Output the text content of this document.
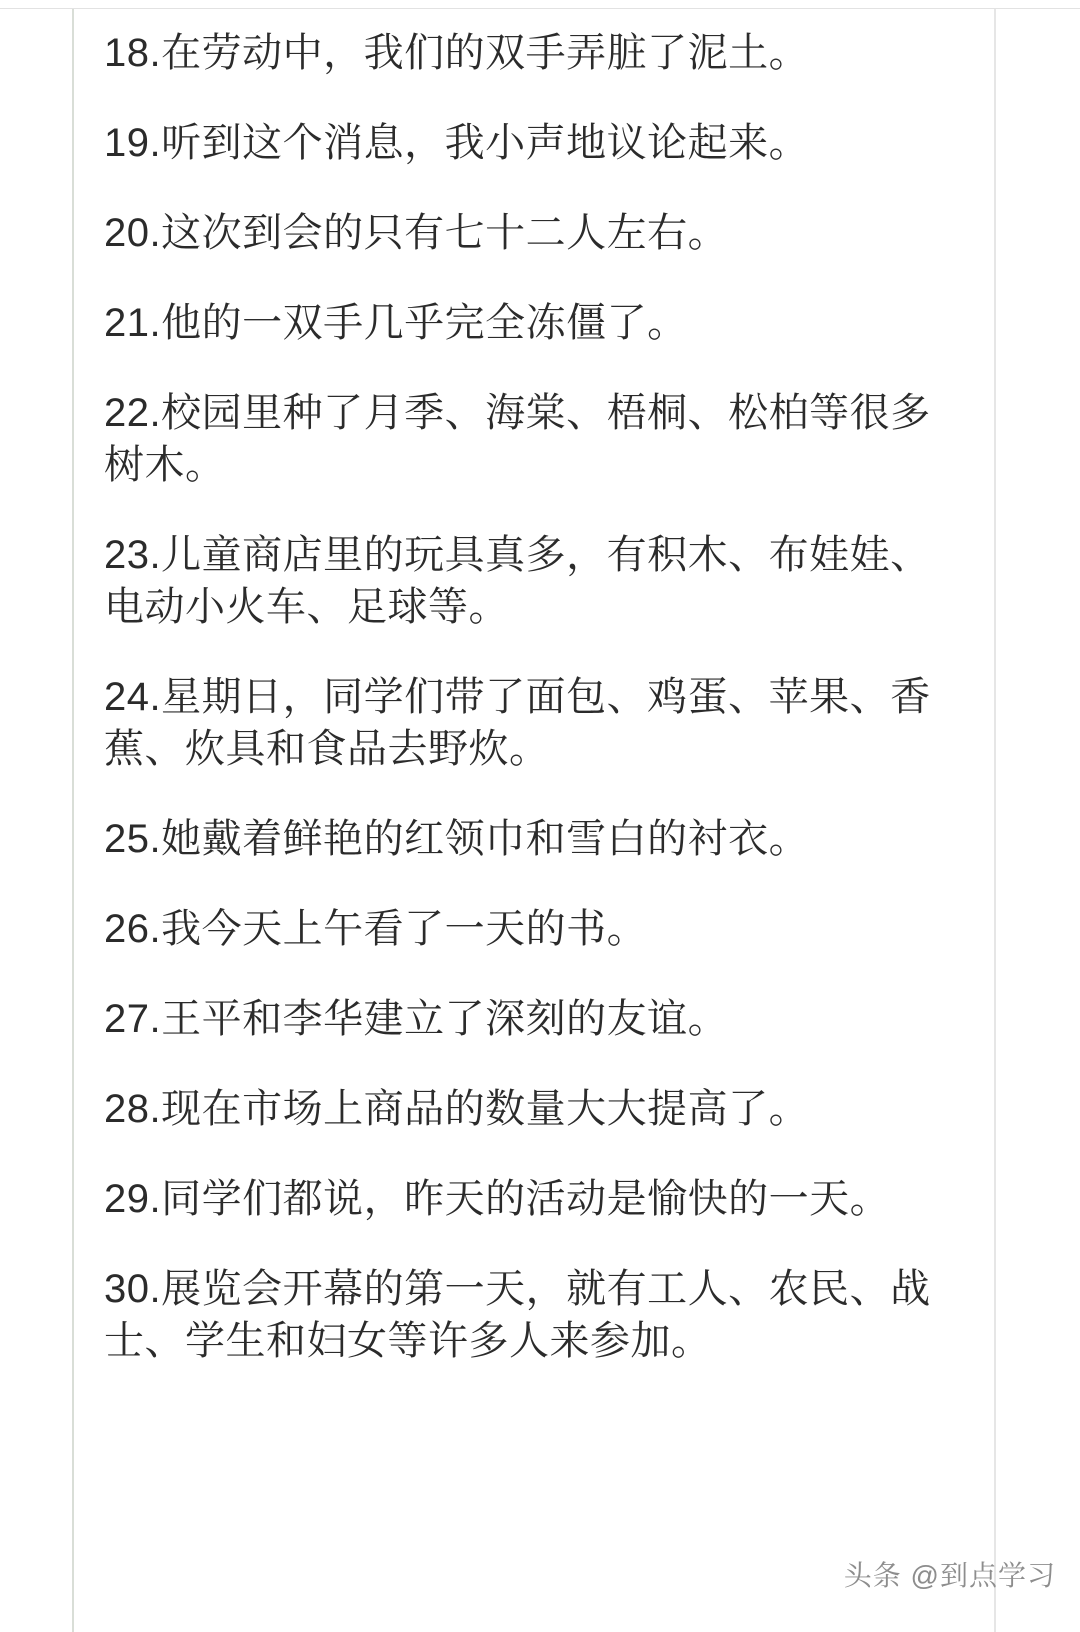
18.在劳动中，我们的双手弄脏了泥土。

19.听到这个消息，我小声地议论起来。

20.这次到会的只有七十二人左右。

21.他的一双手几乎完全冻僵了。

22.校园里种了月季、海棠、梧桐、松柏等很多树木。

23.儿童商店里的玩具真多，有积木、布娃娃、电动小火车、足球等。

24.星期日，同学们带了面包、鸡蛋、苹果、香蕉、炊具和食品去野炊。

25.她戴着鲜艳的红领巾和雪白的衬衣。

26.我今天上午看了一天的书。

27.王平和李华建立了深刻的友谊。

28.现在市场上商品的数量大大提高了。

29.同学们都说，昨天的活动是愉快的一天。

30.展览会开幕的第一天，就有工人、农民、战士、学生和妇女等许多人来参加。

头条 @到点学习
